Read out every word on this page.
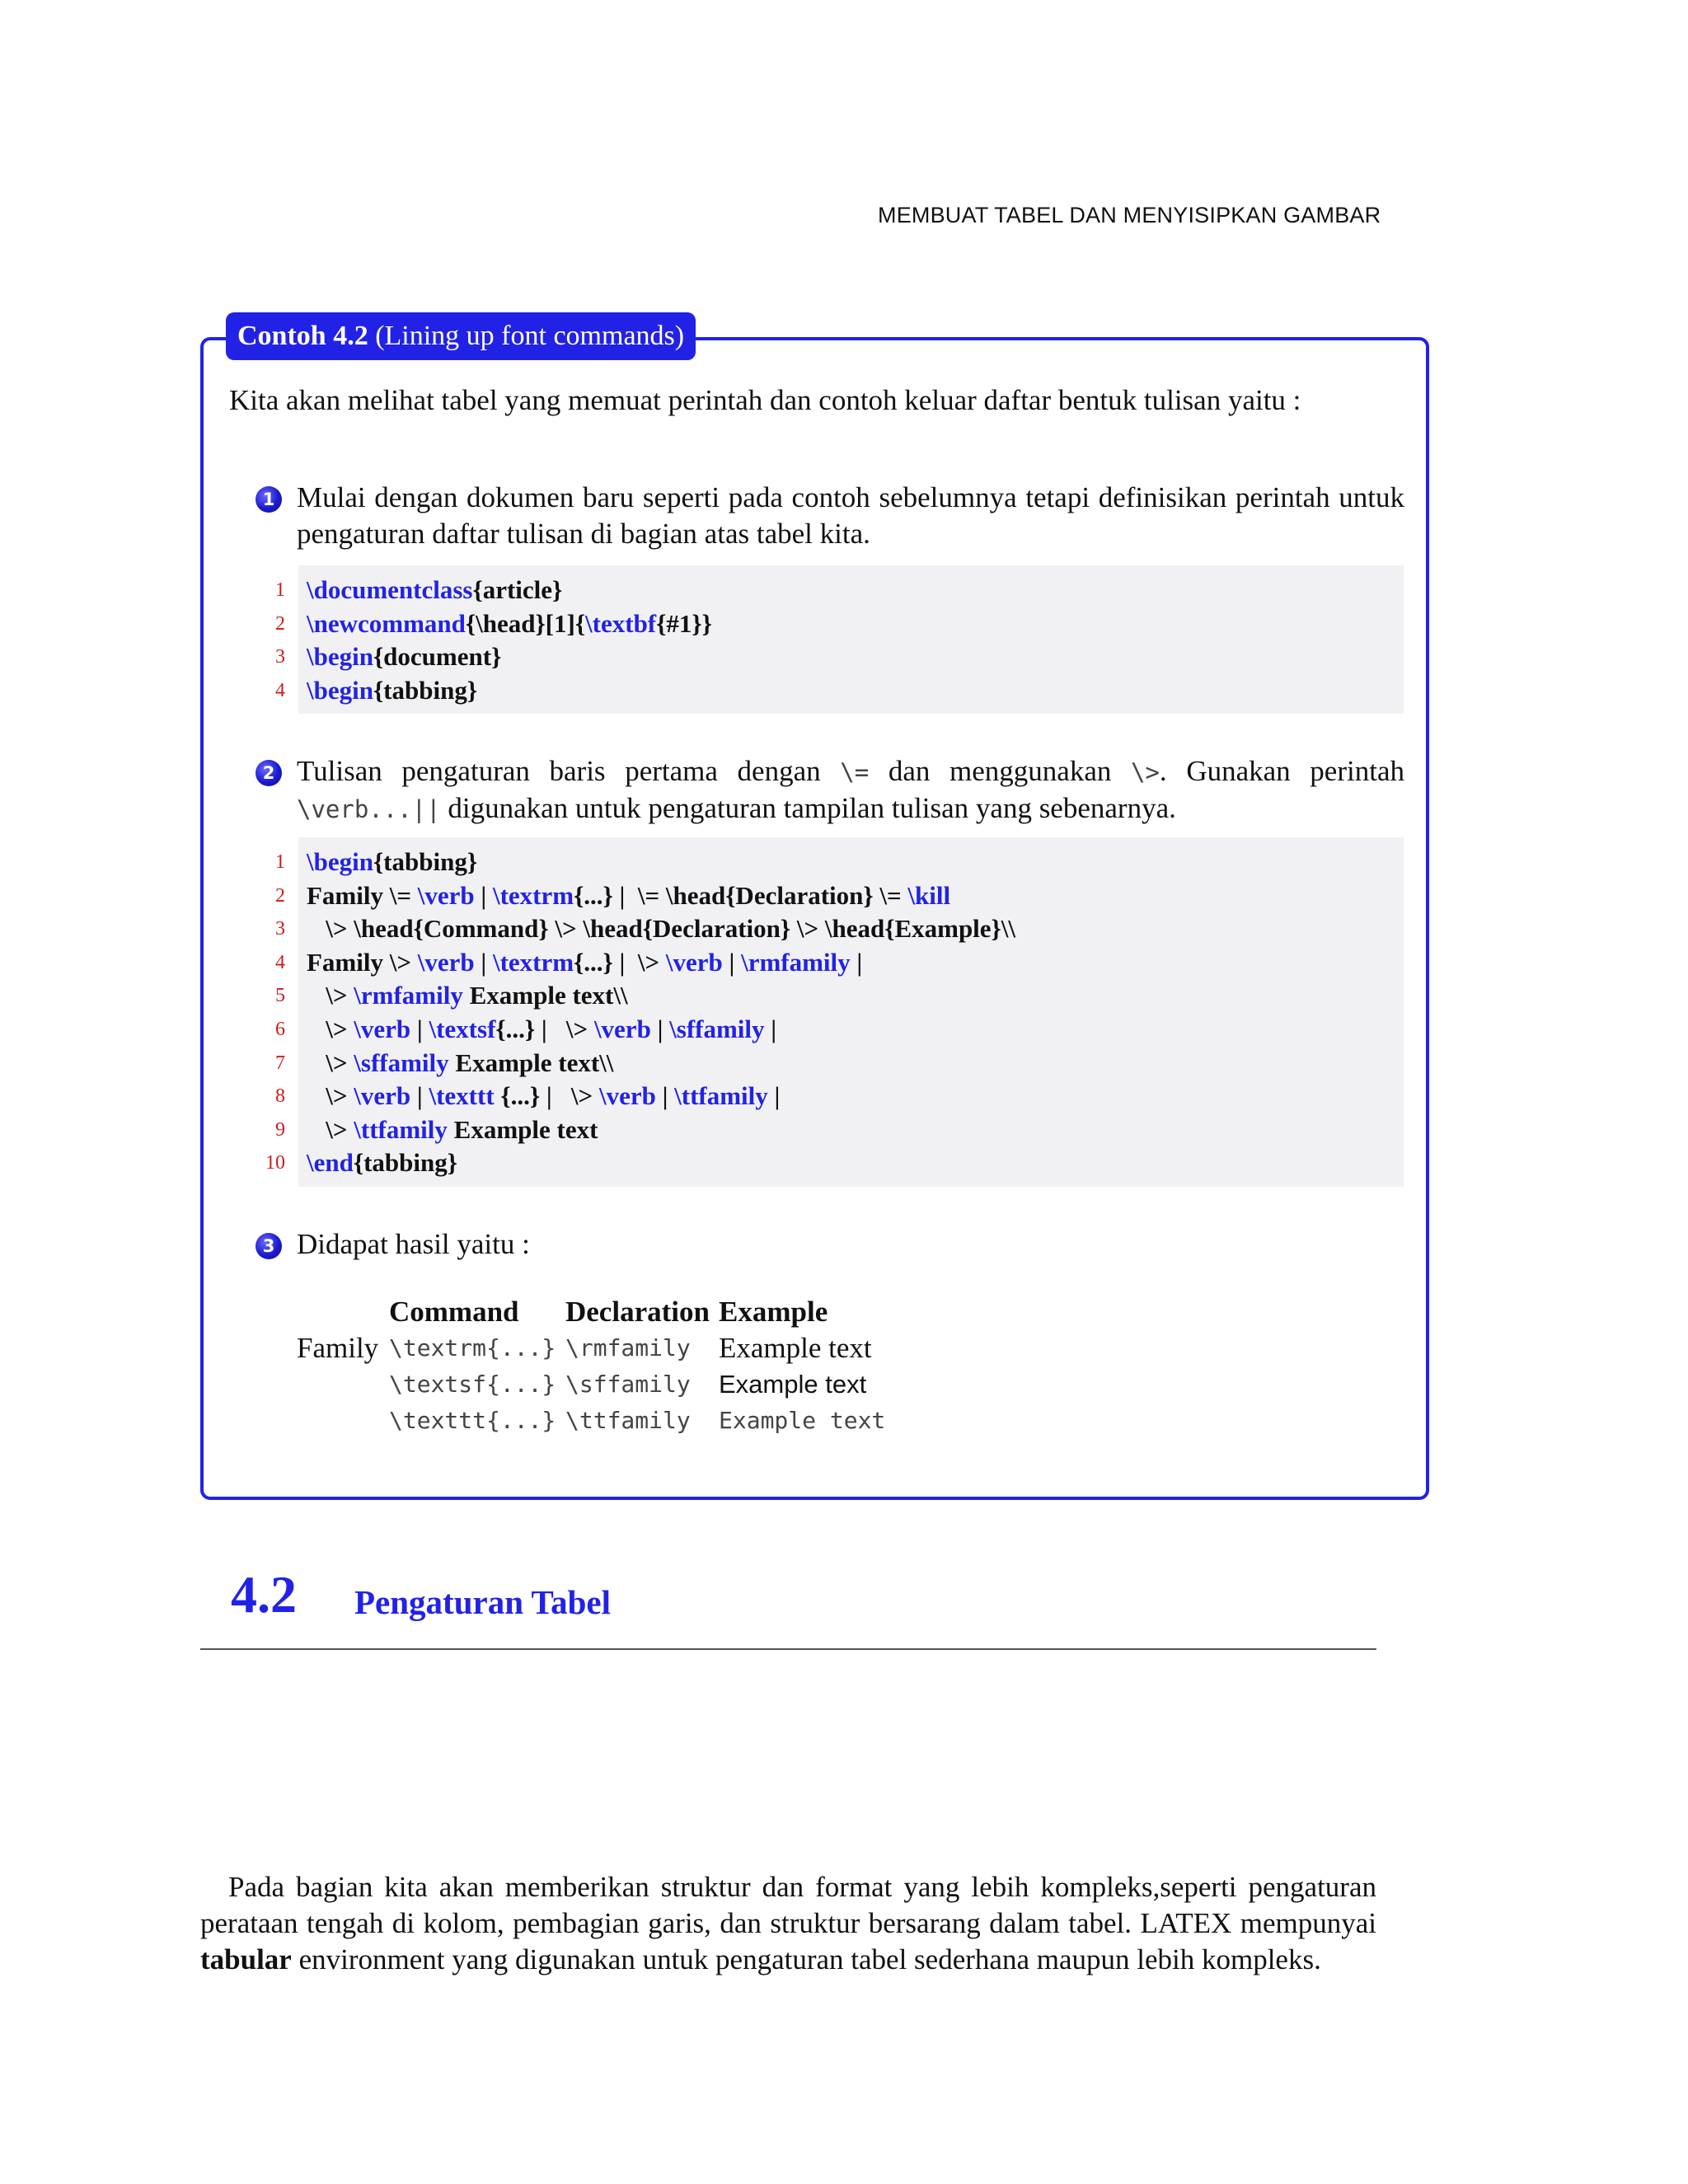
MEMBUAT TABEL DAN MENYISIPKAN GAMBAR
Contoh 4.2 (Lining up font commands)
Kita akan melihat tabel yang memuat perintah dan contoh keluar daftar bentuk tulisan yaitu :
1 Mulai dengan dokumen baru seperti pada contoh sebelumnya tetapi definisikan perintah untuk pengaturan daftar tulisan di bagian atas tabel kita.
1 \documentclass{article}
2 \newcommand{\head}[1]{\textbf{#1}}
3 \begin{document}
4 \begin{tabbing}
2 Tulisan pengaturan baris pertama dengan \= dan menggunakan \>. Gunakan perintah \verb...|| digunakan untuk pengaturan tampilan tulisan yang sebenarnya.
1 \begin{tabbing}
2 Family \= \verb | \textrm{...} |  \= \head{Declaration} \= \kill
3 \> \head{Command} \> \head{Declaration} \> \head{Example}\\
4 Family \> \verb | \textrm{...} |  \> \verb | \rmfamily |
5 \> \rmfamily Example text\\
6 \> \verb | \textsf{...} |   \> \verb | \sffamily |
7 \> \sffamily Example text\\
8 \> \verb | \texttt {...} |   \> \verb | \ttfamily |
9 \> \ttfamily Example text
10 \end{tabbing}
3 Didapat hasil yaitu :
Command Declaration Example
Family \textrm{...} \rmfamily Example text
\textsf{...} \sffamily Example text
\texttt{...} \ttfamily Example text
4.2 Pengaturan Tabel
Pada bagian kita akan memberikan struktur dan format yang lebih kompleks,seperti pengaturan perataan tengah di kolom, pembagian garis, dan struktur bersarang dalam tabel. LATEX mempunyai tabular environment yang digunakan untuk pengaturan tabel sederhana maupun lebih kompleks.
